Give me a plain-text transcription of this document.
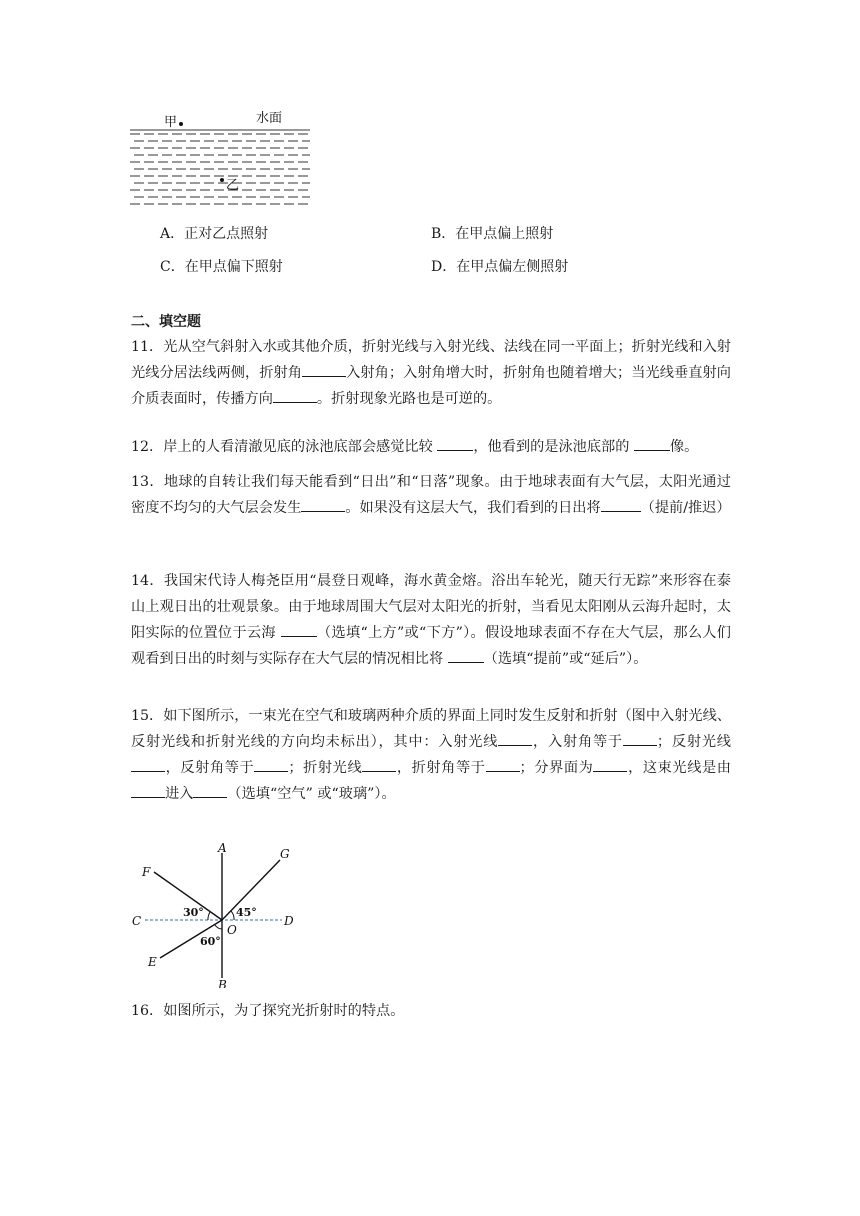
甲	水面
乙
A．正对乙点照射	B．在甲点偏上照射
C．在甲点偏下照射	D．在甲点偏左侧照射
二、填空题
11．光从空气斜射入水或其他介质，折射光线与入射光线、法线在同一平面上；折射光线和入射光线分居法线两侧，折射角	入射角；入射角增大时，折射角也随着增大；当光线垂直射向介质表面时，传播方向	。折射现象光路也是可逆的。
12．岸上的人看清澈见底的泳池底部会感觉比较	，他看到的是泳池底部的	像。
13．地球的自转让我们每天能看到“日出”和“日落”现象。由于地球表面有大气层，太阳光通过密度不均匀的大气层会发生	。如果没有这层大气，我们看到的日出将	（提前/推迟）
14．我国宋代诗人梅尧臣用“晨登日观峰，海水黄金熔。浴出车轮光，随天行无踪”来形容在泰山上观日出的壮观景象。由于地球周围大气层对太阳光的折射，当看见太阳刚从云海升起时，太阳实际的位置位于云海	（选填“上方”或“下方”）。假设地球表面不存在大气层，那么人们观看到日出的时刻与实际存在大气层的情况相比将	（选填“提前”或“延后”）。
15．如下图所示，一束光在空气和玻璃两种介质的界面上同时发生反射和折射（图中入射光线、反射光线和折射光线的方向均未标出），其中：入射光线 ，入射角等于 ；反射光线，反射角等于 ；折射光线 ，折射角等于 ；分界面为 ，这束光线是由进入 （选填“空气” 或“玻璃”）。
A
B
C	D
E
F
G
O
30°	45°
60°
16．如图所示，为了探究光折射时的特点。
